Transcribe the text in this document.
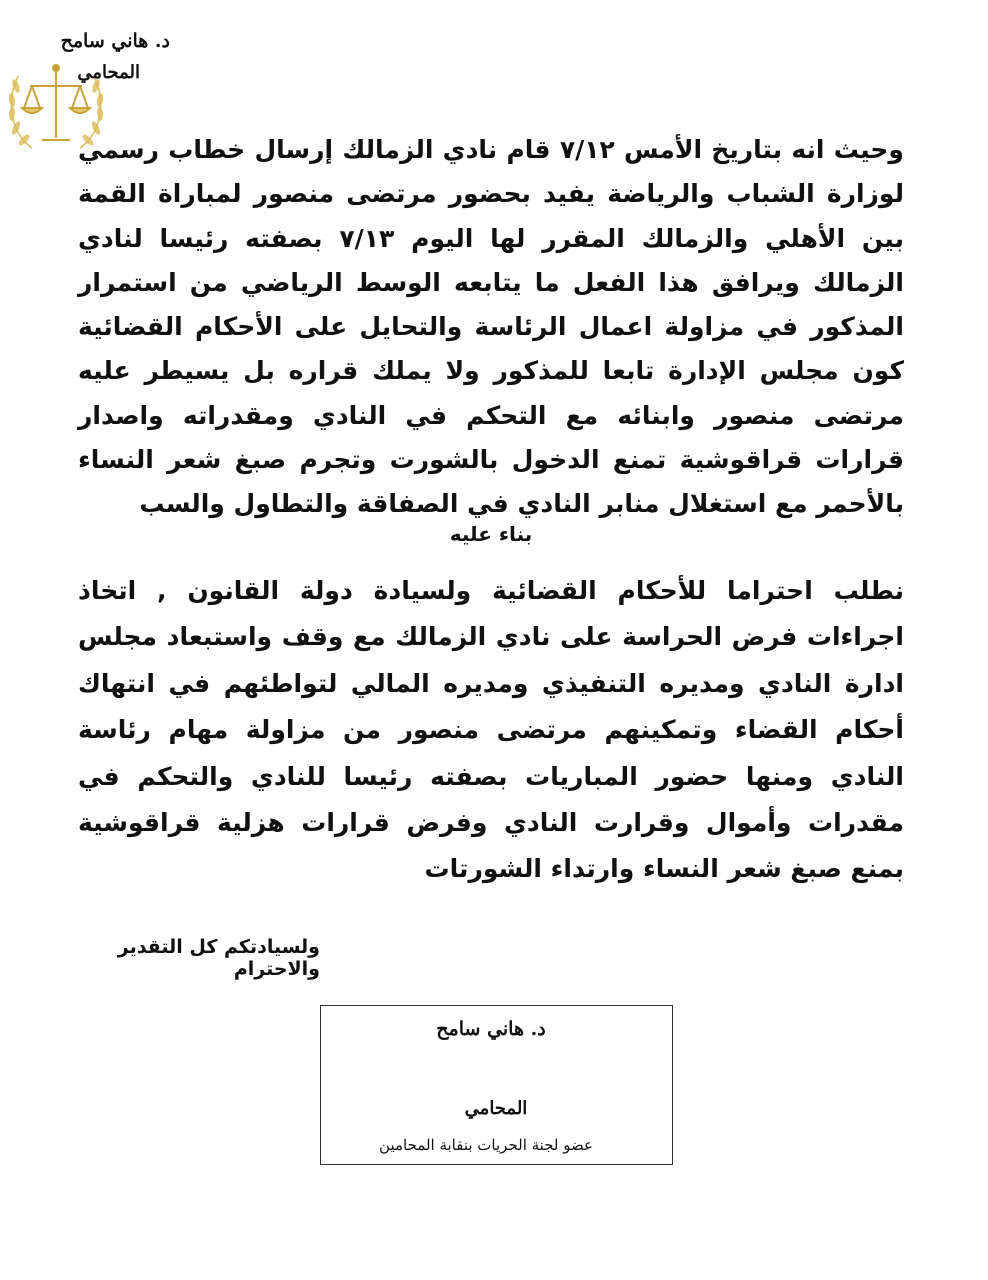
د. هاني سامح
المحامي

وحيث انه بتاريخ الأمس ٧/١٢ قام نادي الزمالك إرسال خطاب رسمي لوزارة الشباب والرياضة يفيد بحضور مرتضى منصور لمباراة القمة بين الأهلي والزمالك المقرر لها اليوم ٧/١٣ بصفته رئيسا لنادي الزمالك ويرافق هذا الفعل ما يتابعه الوسط الرياضي من استمرار المذكور في مزاولة اعمال الرئاسة والتحايل على الأحكام القضائية كون مجلس الإدارة تابعا للمذكور ولا يملك قراره بل يسيطر عليه مرتضى منصور وابنائه مع التحكم في النادي ومقدراته واصدار قرارات قراقوشية تمنع الدخول بالشورت وتجرم صبغ شعر النساء بالأحمر مع استغلال منابر النادي في الصفاقة والتطاول والسب

بناء عليه

نطلب احتراما للأحكام القضائية ولسيادة دولة القانون , اتخاذ اجراءات فرض الحراسة على نادي الزمالك مع وقف واستبعاد مجلس ادارة النادي ومديره التنفيذي ومديره المالي لتواطئهم في انتهاك أحكام القضاء وتمكينهم مرتضى منصور من مزاولة مهام رئاسة النادي ومنها حضور المباريات بصفته رئيسا للنادي والتحكم في مقدرات وأموال وقرارت النادي وفرض قرارات هزلية قراقوشية بمنع صبغ شعر النساء وارتداء الشورتات

ولسيادتكم كل التقدير والاحترام

د. هاني سامح
المحامي
عضو لجنة الحريات بنقابة المحامين
